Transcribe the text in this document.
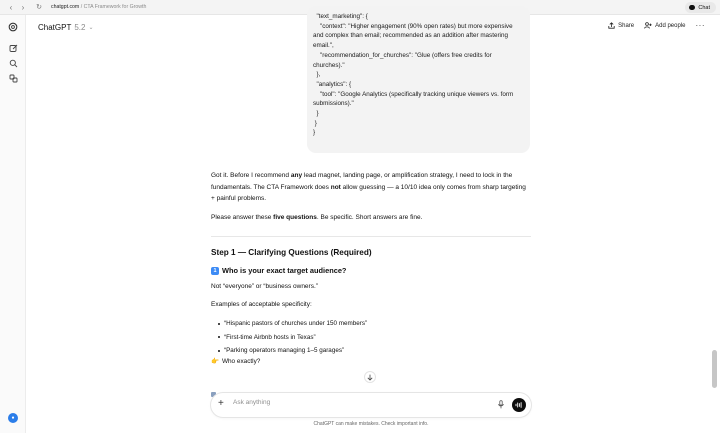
‹	›	↻	chatgpt.com / CTA Framework for Growth	Chat
●
ChatGPT 5.2 ⌄	Share	Add people ···
"text_marketing": {
"context": "Higher engagement (90% open rates) but more expensive and complex than email; recommended as an addition after mastering email.",
"recommendation_for_churches": "Glue (offers free credits for churches)."
},
"analytics": {
"tool": "Google Analytics (specifically tracking unique viewers vs. form submissions)."
}
}
}
Got it. Before I recommend any lead magnet, landing page, or amplification strategy, I need to lock in the fundamentals. The CTA Framework does not allow guessing — a 10/10 idea only comes from sharp targeting + painful problems.
Please answer these five questions. Be specific. Short answers are fine.
Step 1 — Clarifying Questions (Required)
1 Who is your exact target audience?
Not “everyone” or “business owners.”
Examples of acceptable specificity:
“Hispanic pastors of churches under 150 members”
“First-time Airbnb hosts in Texas”
“Parking operators managing 1–5 garages”
👉 Who exactly?
+
Ask anything
ChatGPT can make mistakes. Check important info.
